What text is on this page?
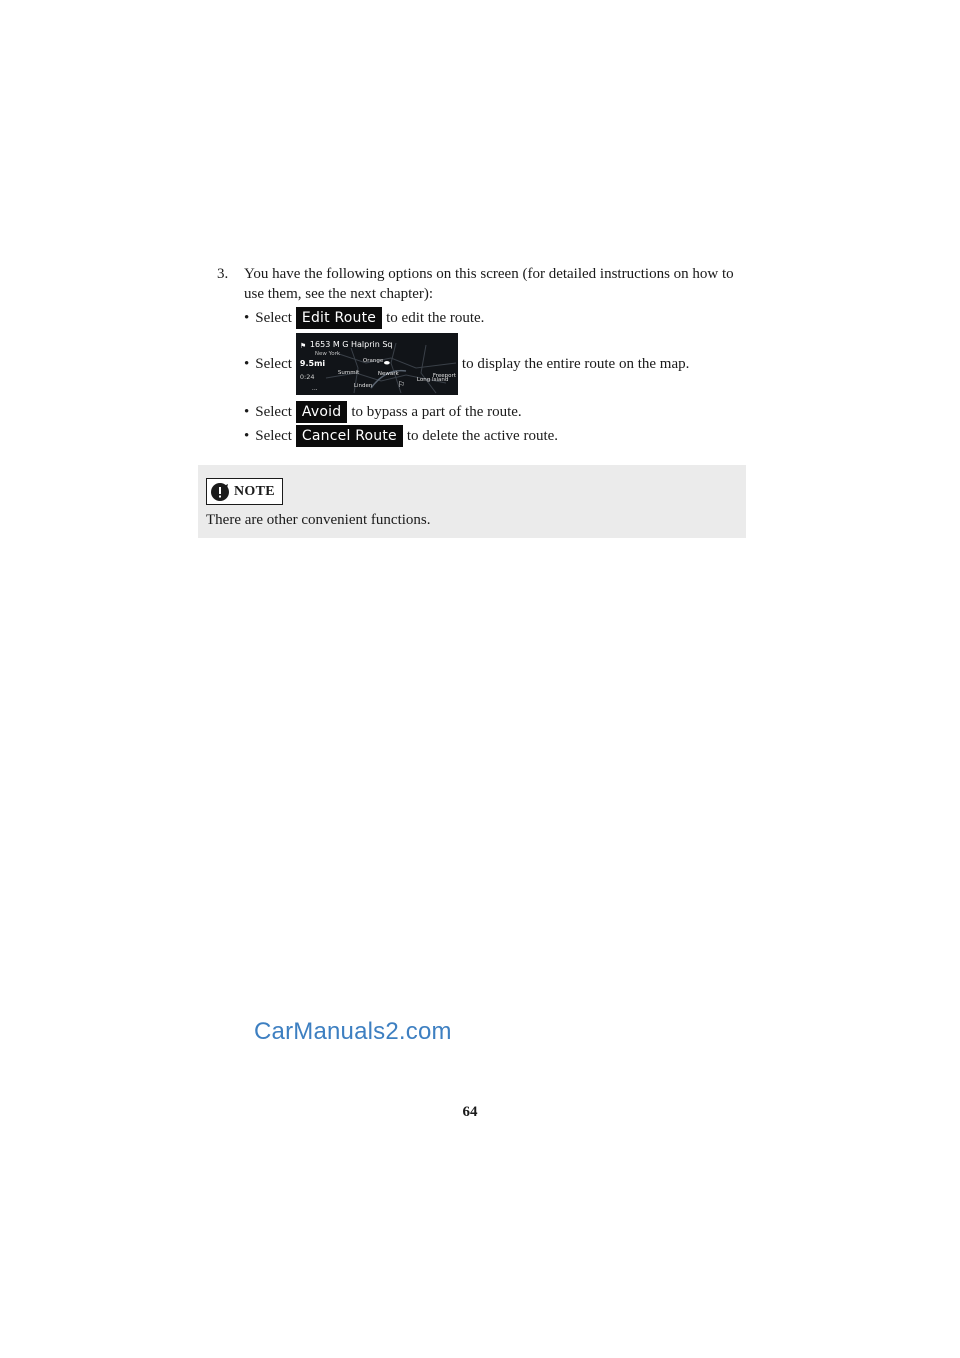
3. You have the following options on this screen (for detailed instructions on how to use them, see the next chapter):
• Select Edit Route to edit the route.
• Select
⚑ 1653 M G Halprin Sq
New York
9.5mi
0:24
Orange
Summit
Linden
Newark	Freeport
Long Island
⬬
⚐
···
to display the entire route on the map.
• Select Avoid to bypass a part of the route.
• Select Cancel Route to delete the active route.
NOTE
There are other convenient functions.
CarManuals2.com
64
